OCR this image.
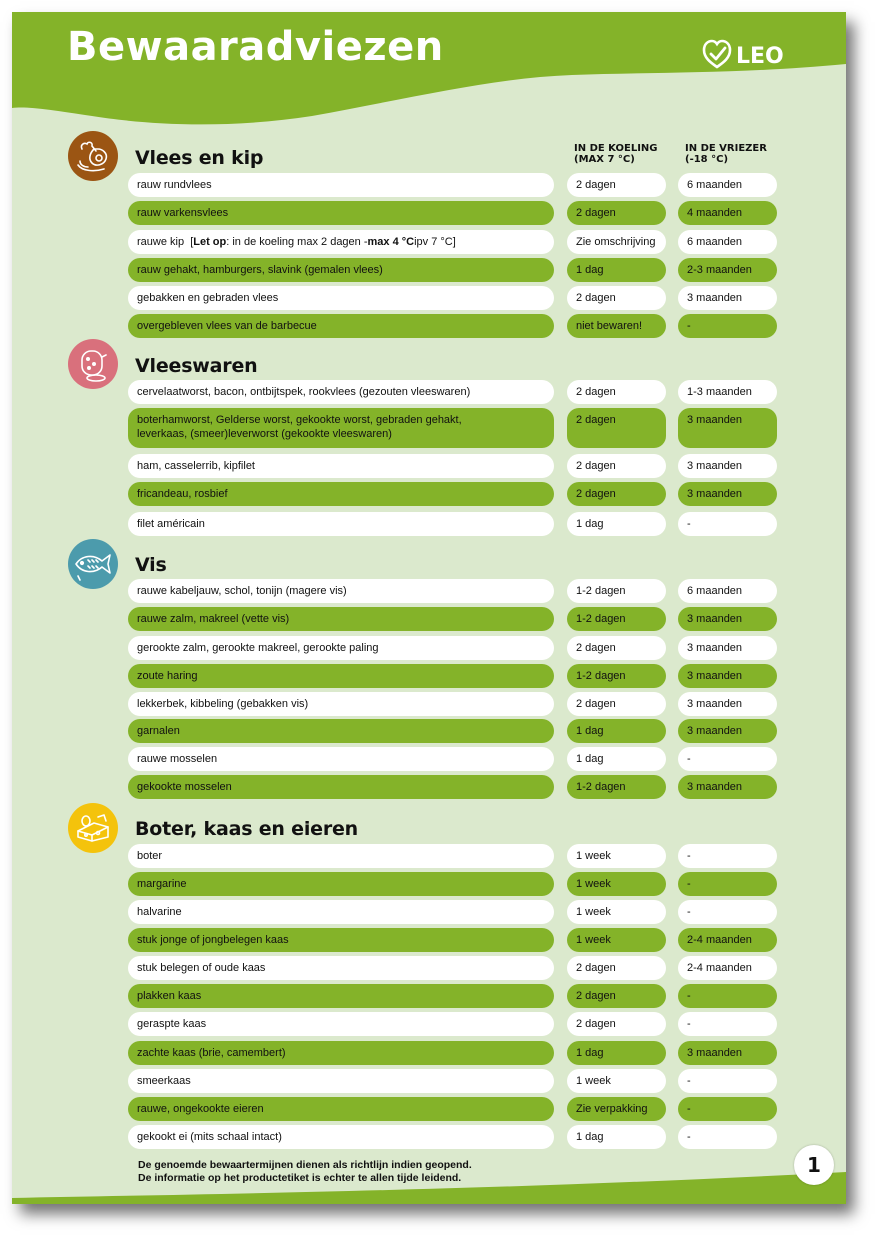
Bewaaradviezen	LEO
IN DE KOELING
(MAX 7 °C)
IN DE VRIEZER
(-18 °C)
Vlees en kip
rauw rundvlees	2 dagen	6 maanden
rauw varkensvlees	2 dagen	4 maanden
rauwe kip [ Let op : in de koeling max 2 dagen - max 4 °C ipv 7 °C ]	Zie omschrijving	6 maanden
rauw gehakt, hamburgers, slavink (gemalen vlees)	1 dag	2-3 maanden
gebakken en gebraden vlees	2 dagen	3 maanden
overgebleven vlees van de barbecue	niet bewaren!	-
Vleeswaren
cervelaatworst, bacon, ontbijtspek, rookvlees (gezouten vleeswaren)	2 dagen	1-3 maanden
boterhamworst, Gelderse worst, gekookte worst, gebraden gehakt,
leverkaas, (smeer)leverworst (gekookte vleeswaren)
2 dagen	3 maanden
ham, casselerrib, kipfilet	2 dagen	3 maanden
fricandeau, rosbief	2 dagen	3 maanden
filet américain	1 dag	-
Vis
rauwe kabeljauw, schol, tonijn (magere vis)	1-2 dagen	6 maanden
rauwe zalm, makreel (vette vis)	1-2 dagen	3 maanden
gerookte zalm, gerookte makreel, gerookte paling	2 dagen	3 maanden
zoute haring	1-2 dagen	3 maanden
lekkerbek, kibbeling (gebakken vis)	2 dagen	3 maanden
garnalen	1 dag	3 maanden
rauwe mosselen	1 dag	-
gekookte mosselen	1-2 dagen	3 maanden
Boter, kaas en eieren
boter	1 week	-
margarine	1 week	-
halvarine	1 week	-
stuk jonge of jongbelegen kaas	1 week	2-4 maanden
stuk belegen of oude kaas	2 dagen	2-4 maanden
plakken kaas	2 dagen	-
geraspte kaas	2 dagen	-
zachte kaas (brie, camembert)	1 dag	3 maanden
smeerkaas	1 week	-
rauwe, ongekookte eieren	Zie verpakking	-
gekookt ei (mits schaal intact)	1 dag	-
De genoemde bewaartermijnen dienen als richtlijn indien geopend.
De informatie op het productetiket is echter te allen tijde leidend.
1
